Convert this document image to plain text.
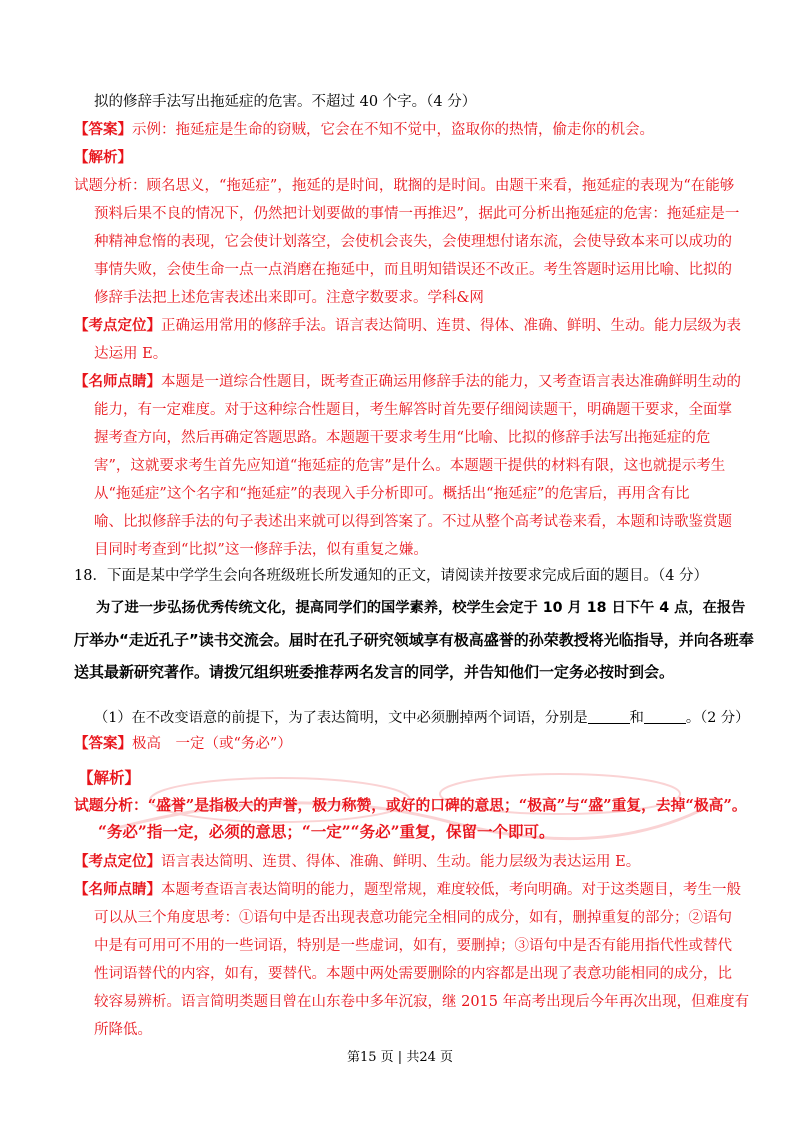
拟的修辞手法写出拖延症的危害。不超过 40 个字。（4 分）
【答案】示例：拖延症是生命的窃贼，它会在不知不觉中，盗取你的热情，偷走你的机会。
【解析】
试题分析：顾名思义，“拖延症”，拖延的是时间，耽搁的是时间。由题干来看，拖延症的表现为“在能够
预料后果不良的情况下，仍然把计划要做的事情一再推迟”，据此可分析出拖延症的危害：拖延症是一
种精神怠惰的表现，它会使计划落空，会使机会丧失，会使理想付诸东流，会使导致本来可以成功的
事情失败，会使生命一点一点消磨在拖延中，而且明知错误还不改正。考生答题时运用比喻、比拟的
修辞手法把上述危害表述出来即可。注意字数要求。学科&网
【考点定位】正确运用常用的修辞手法。语言表达简明、连贯、得体、准确、鲜明、生动。能力层级为表
达运用 E。
【名师点睛】本题是一道综合性题目，既考查正确运用修辞手法的能力，又考查语言表达准确鲜明生动的
能力，有一定难度。对于这种综合性题目，考生解答时首先要仔细阅读题干，明确题干要求，全面掌
握考查方向，然后再确定答题思路。本题题干要求考生用“比喻、比拟的修辞手法写出拖延症的危
害”，这就要求考生首先应知道“拖延症的危害”是什么。本题题干提供的材料有限，这也就提示考生
从“拖延症”这个名字和“拖延症”的表现入手分析即可。概括出“拖延症”的危害后，再用含有比
喻、比拟修辞手法的句子表述出来就可以得到答案了。不过从整个高考试卷来看，本题和诗歌鉴赏题
目同时考查到“比拟”这一修辞手法，似有重复之嫌。
18．下面是某中学学生会向各班级班长所发通知的正文，请阅读并按要求完成后面的题目。（4 分）
为了进一步弘扬优秀传统文化，提高同学们的国学素养，校学生会定于 10 月 18 日下午 4 点，在报告
厅举办“走近孔子”读书交流会。届时在孔子研究领域享有极高盛誉的孙荣教授将光临指导，并向各班奉
送其最新研究著作。请拨冗组织班委推荐两名发言的同学，并告知他们一定务必按时到会。
（1）在不改变语意的前提下，为了表达简明，文中必须删掉两个词语，分别是	和	。（2 分）
【答案】极高　一定（或“务必”）
【解析】
试题分析：“盛誉”是指极大的声誉，极力称赞，或好的口碑的意思；“极高”与“盛”重复，去掉“极高”。
“务必”指一定，必须的意思；“一定”“务必”重复，保留一个即可。
【考点定位】语言表达简明、连贯、得体、准确、鲜明、生动。能力层级为表达运用 E。
【名师点睛】本题考查语言表达简明的能力，题型常规，难度较低，考向明确。对于这类题目，考生一般
可以从三个角度思考：①语句中是否出现表意功能完全相同的成分，如有，删掉重复的部分；②语句
中是有可用可不用的一些词语，特别是一些虚词，如有，要删掉；③语句中是否有能用指代性或替代
性词语替代的内容，如有，要替代。本题中两处需要删除的内容都是出现了表意功能相同的成分，比
较容易辨析。语言简明类题目曾在山东卷中多年沉寂，继 2015 年高考出现后今年再次出现，但难度有
所降低。
第15 页 | 共24 页
